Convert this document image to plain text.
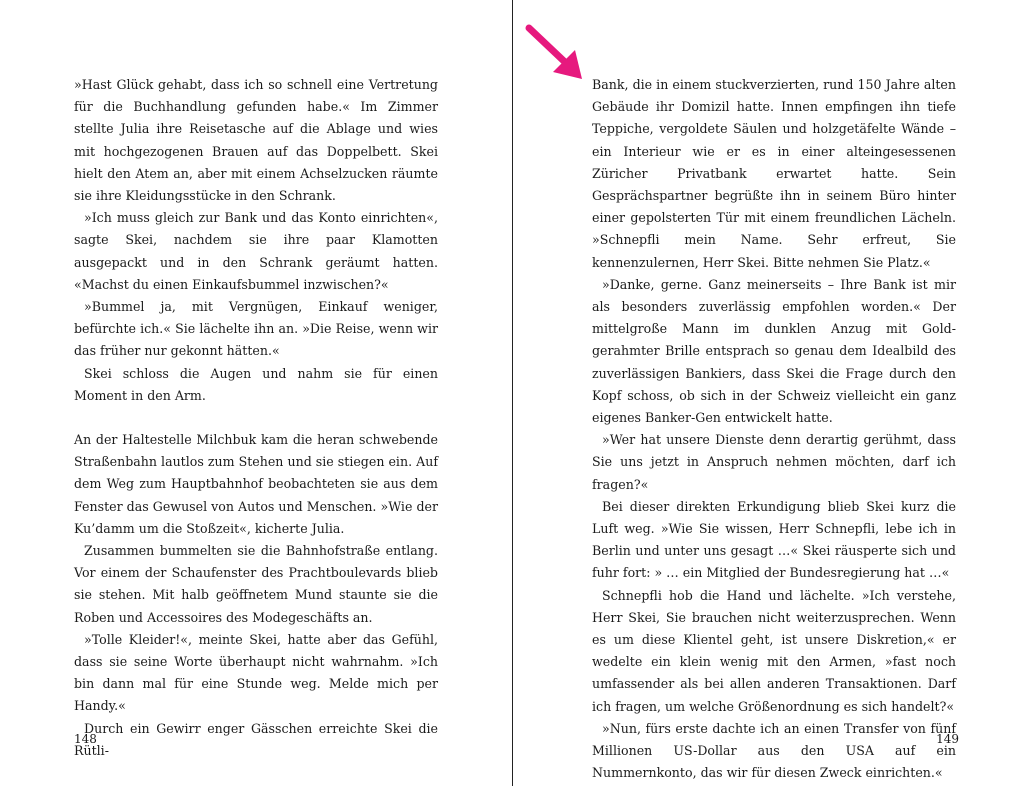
»Hast Glück gehabt, dass ich so schnell eine Vertretung für die Buchhandlung gefunden habe.« Im Zimmer stellte Julia ihre Reisetasche auf die Ablage und wies mit hochgezogenen Brauen auf das Doppelbett. Skei hielt den Atem an, aber mit einem Achselzucken räumte sie ihre Kleidungsstücke in den Schrank.

»Ich muss gleich zur Bank und das Konto einrichten«, sagte Skei, nachdem sie ihre paar Klamotten ausgepackt und in den Schrank geräumt hatten. «Machst du einen Einkaufsbummel inzwischen?«

»Bummel ja, mit Vergnügen, Einkauf weniger, befürchte ich.« Sie lächelte ihn an. »Die Reise, wenn wir das früher nur gekonnt hätten.«

Skei schloss die Augen und nahm sie für einen Moment in den Arm.

An der Haltestelle Milchbuk kam die heran schwebende Straßenbahn lautlos zum Stehen und sie stiegen ein. Auf dem Weg zum Hauptbahnhof beobachteten sie aus dem Fenster das Gewusel von Autos und Menschen. »Wie der Ku’damm um die Stoßzeit«, kicherte Julia.

Zusammen bummelten sie die Bahnhofstraße entlang. Vor einem der Schaufenster des Prachtboulevards blieb sie stehen. Mit halb geöffnetem Mund staunte sie die Roben und Accessoires des Modegeschäfts an.

»Tolle Kleider!«, meinte Skei, hatte aber das Gefühl, dass sie seine Worte überhaupt nicht wahrnahm. »Ich bin dann mal für eine Stunde weg. Melde mich per Handy.«

Durch ein Gewirr enger Gässchen erreichte Skei die Rütli-

148

Bank, die in einem stuckverzierten, rund 150 Jahre alten Gebäude ihr Domizil hatte. Innen empfingen ihn tiefe Teppiche, vergoldete Säulen und holzgetäfelte Wände – ein Interieur wie er es in einer alteingesessenen Züricher Privatbank erwartet hatte. Sein Gesprächspartner begrüßte ihn in seinem Büro hinter einer gepolsterten Tür mit einem freundlichen Lächeln. »Schnepfli mein Name. Sehr erfreut, Sie kennenzulernen, Herr Skei. Bitte nehmen Sie Platz.«

»Danke, gerne. Ganz meinerseits – Ihre Bank ist mir als besonders zuverlässig empfohlen worden.« Der mittelgroße Mann im dunklen Anzug mit Gold-gerahmter Brille entsprach so genau dem Idealbild des zuverlässigen Bankiers, dass Skei die Frage durch den Kopf schoss, ob sich in der Schweiz vielleicht ein ganz eigenes Banker-Gen entwickelt hatte.

»Wer hat unsere Dienste denn derartig gerühmt, dass Sie uns jetzt in Anspruch nehmen möchten, darf ich fragen?«

Bei dieser direkten Erkundigung blieb Skei kurz die Luft weg. »Wie Sie wissen, Herr Schnepfli, lebe ich in Berlin und unter uns gesagt …« Skei räusperte sich und fuhr fort: » … ein Mitglied der Bundesregierung hat …«

Schnepfli hob die Hand und lächelte. »Ich verstehe, Herr Skei, Sie brauchen nicht weiterzusprechen. Wenn es um diese Klientel geht, ist unsere Diskretion,« er wedelte ein klein wenig mit den Armen, »fast noch umfassender als bei allen anderen Transaktionen. Darf ich fragen, um welche Größenordnung es sich handelt?«

»Nun, fürs erste dachte ich an einen Transfer von fünf Millionen US-Dollar aus den USA auf ein Nummernkonto, das wir für diesen Zweck einrichten.«

149
